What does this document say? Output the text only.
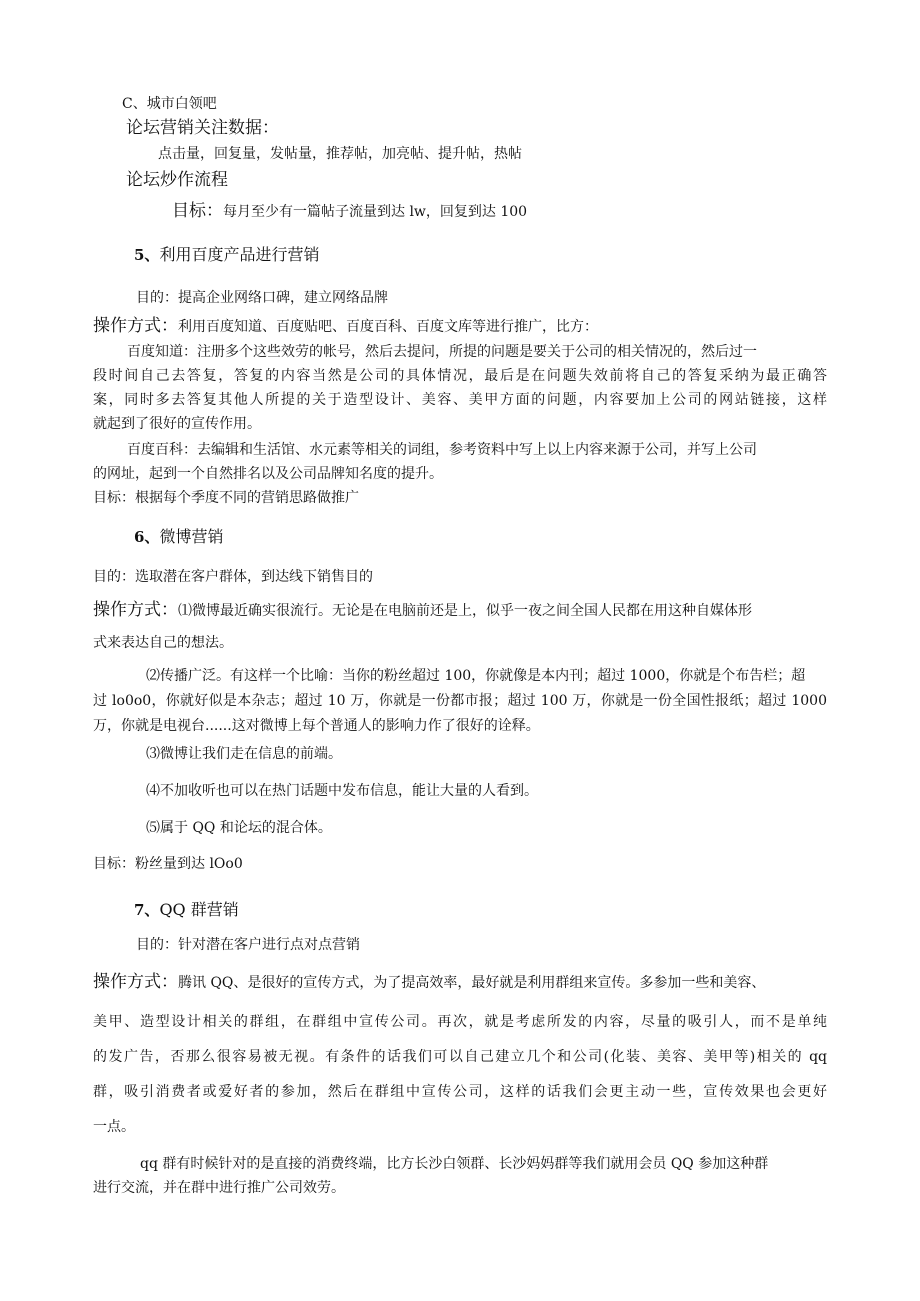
C、城市白领吧
论坛营销关注数据：
点击量，回复量，发帖量，推荐帖，加亮帖、提升帖，热帖
论坛炒作流程
目标：每月至少有一篇帖子流量到达 lw，回复到达 100
5、利用百度产品进行营销
目的：提高企业网络口碑，建立网络品牌
操作方式：利用百度知道、百度贴吧、百度百科、百度文库等进行推广，比方：
百度知道：注册多个这些效劳的帐号，然后去提问，所提的问题是要关于公司的相关情况的，然后过一
段时间自己去答复，答复的内容当然是公司的具体情况，最后是在问题失效前将自己的答复采纳为最正确答
案，同时多去答复其他人所提的关于造型设计、美容、美甲方面的问题，内容要加上公司的网站链接，这样
就起到了很好的宣传作用。
百度百科：去编辑和生活馆、水元素等相关的词组，参考资料中写上以上内容来源于公司，并写上公司
的网址，起到一个自然排名以及公司品牌知名度的提升。
目标：根据每个季度不同的营销思路做推广
6、微博营销
目的：选取潜在客户群体，到达线下销售目的
操作方式：⑴微博最近确实很流行。无论是在电脑前还是上，似乎一夜之间全国人民都在用这种自媒体形
式来表达自己的想法。
⑵传播广泛。有这样一个比喻：当你的粉丝超过 100，你就像是本内刊；超过 1000，你就是个布告栏；超
过 lo0o0，你就好似是本杂志；超过 10 万，你就是一份都市报；超过 100 万，你就是一份全国性报纸；超过 1000
万，你就是电视台......这对微博上每个普通人的影响力作了很好的诠释。
⑶微博让我们走在信息的前端。
⑷不加收听也可以在热门话题中发布信息，能让大量的人看到。
⑸属于 QQ 和论坛的混合体。
目标：粉丝量到达 lOo0
7、QQ 群营销
目的：针对潜在客户进行点对点营销
操作方式：腾讯 QQ、是很好的宣传方式，为了提高效率，最好就是利用群组来宣传。多参加一些和美容、
美甲、造型设计相关的群组，在群组中宣传公司。再次，就是考虑所发的内容，尽量的吸引人，而不是单纯
的发广告，否那么很容易被无视。有条件的话我们可以自己建立几个和公司(化装、美容、美甲等)相关的 qq
群，吸引消费者或爱好者的参加，然后在群组中宣传公司，这样的话我们会更主动一些，宣传效果也会更好
一点。
qq 群有时候针对的是直接的消费终端，比方长沙白领群、长沙妈妈群等我们就用会员 QQ 参加这种群
进行交流，并在群中进行推广公司效劳。
